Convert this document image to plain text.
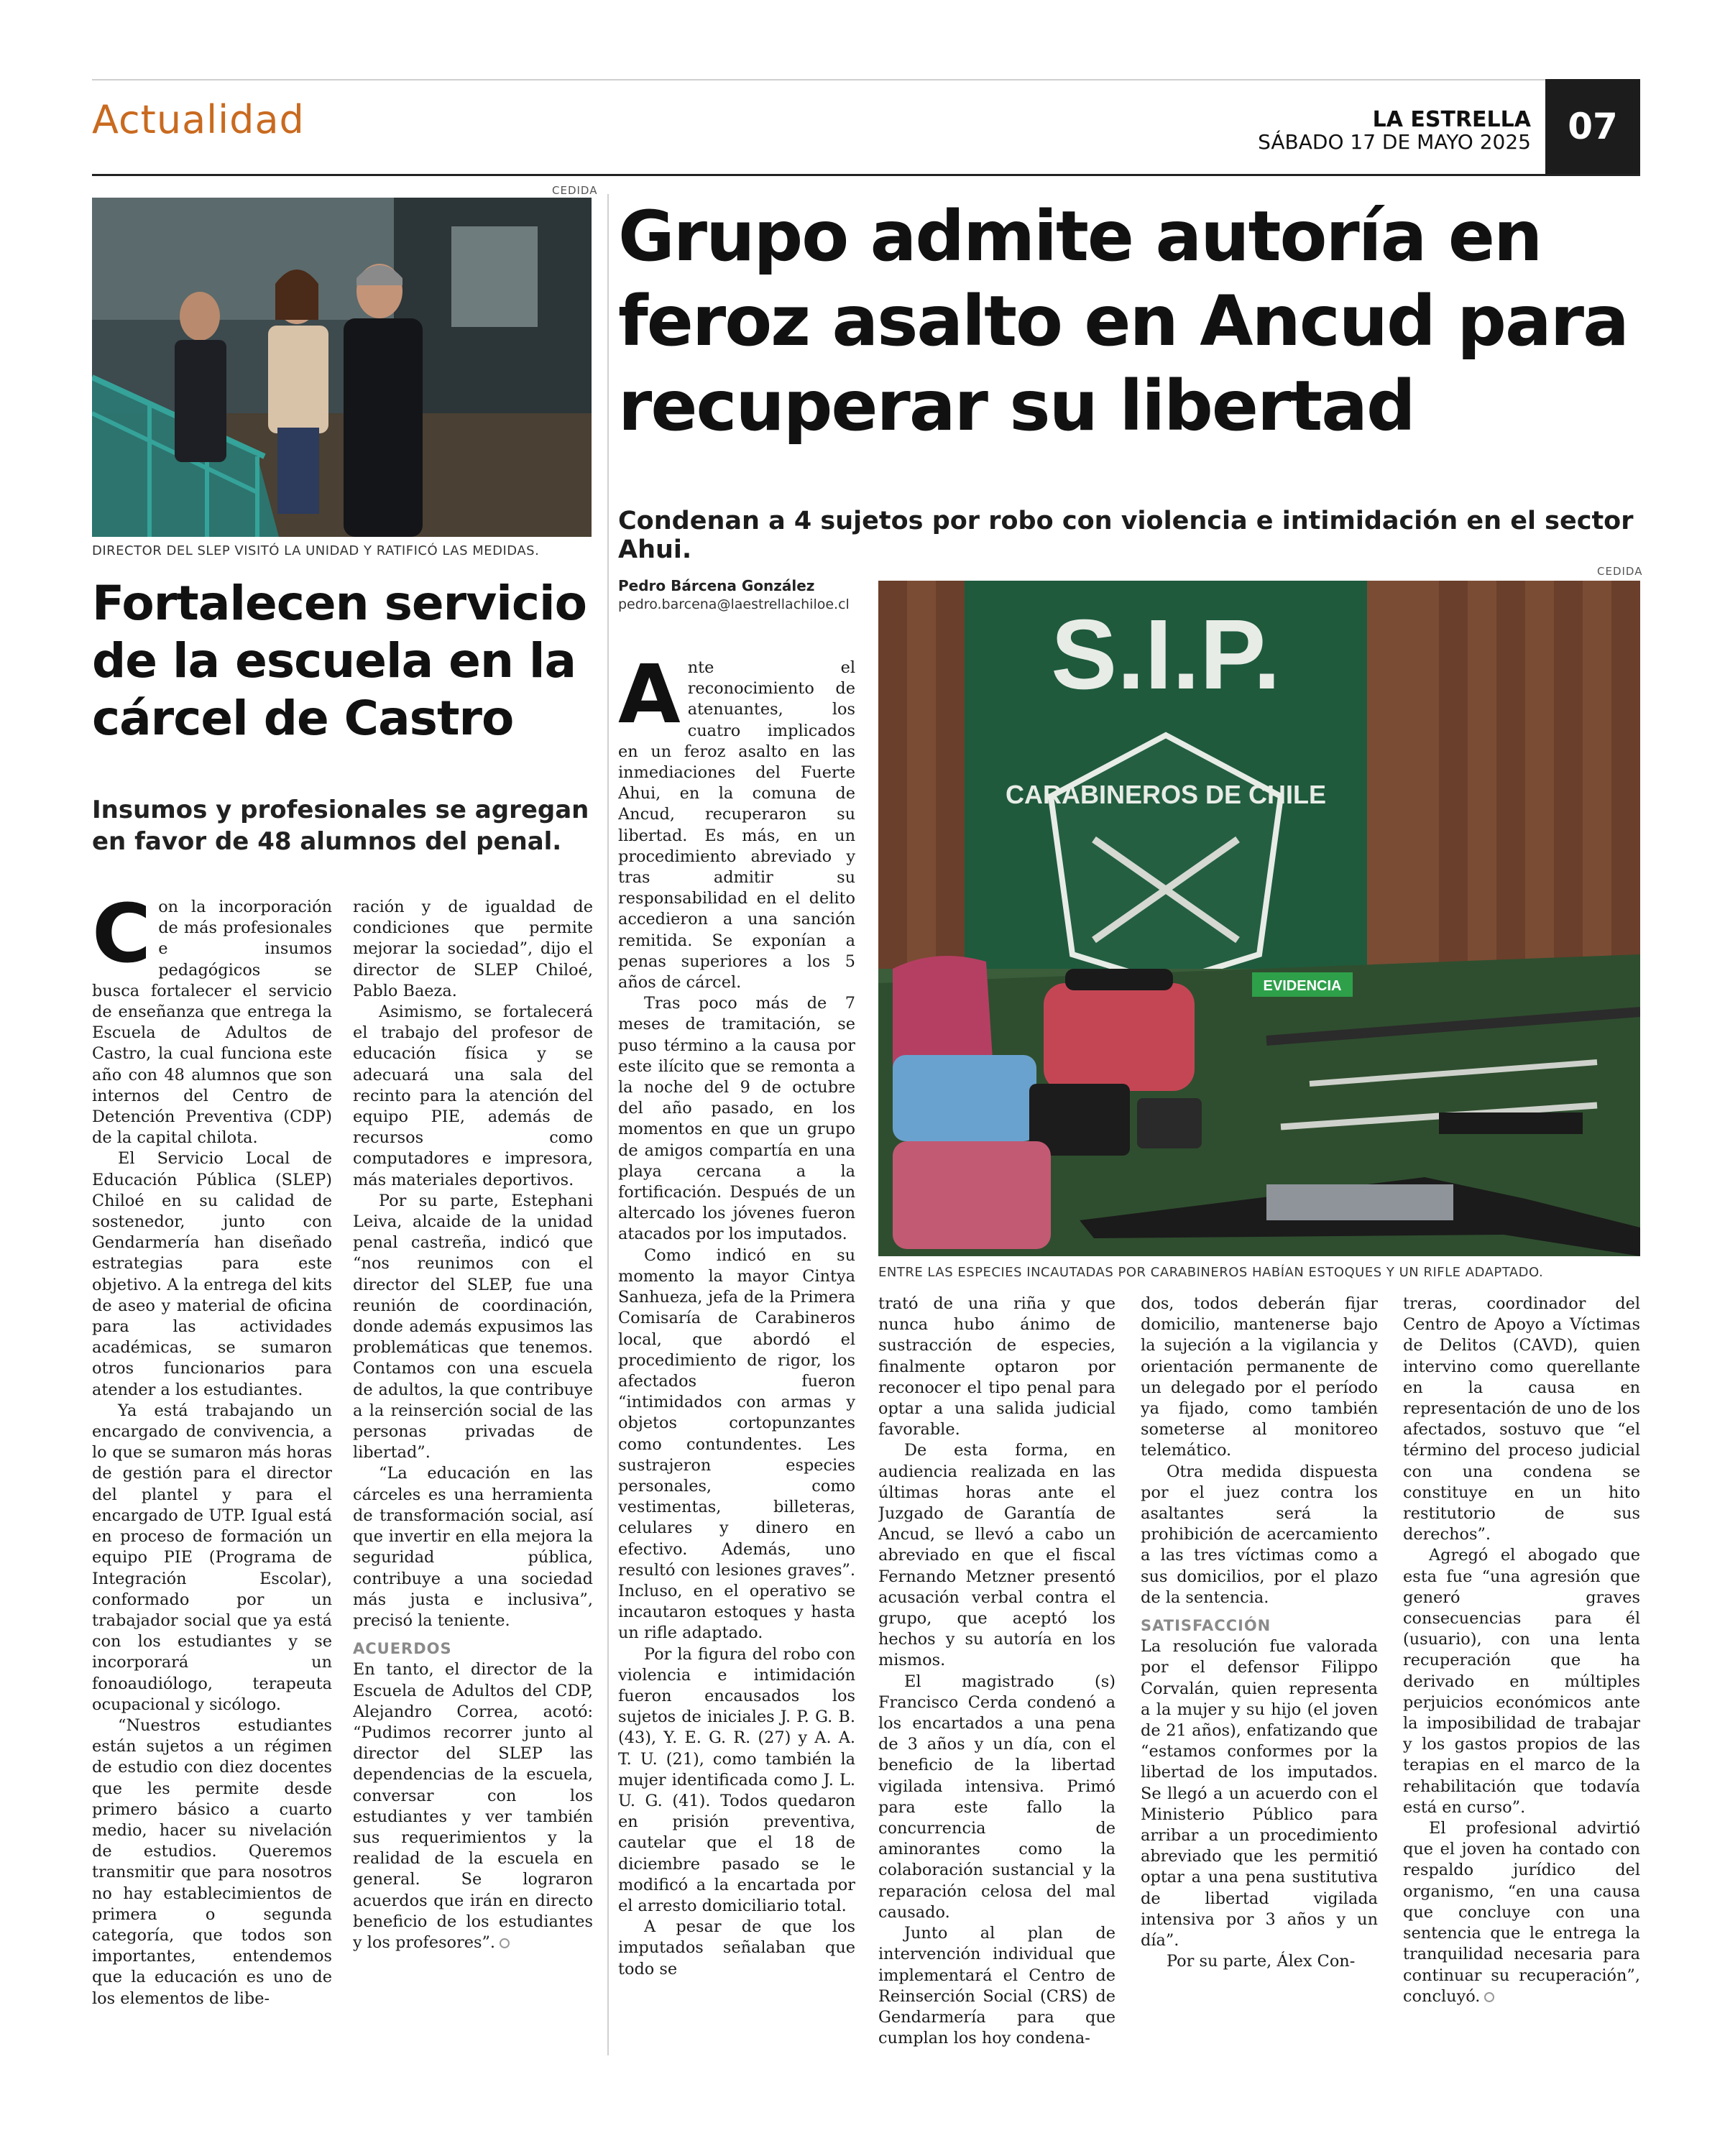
Actualidad	LA ESTRELLA
SÁBADO 17 DE MAYO 2025	07
CEDIDA
DIRECTOR DEL SLEP VISITÓ LA UNIDAD Y RATIFICÓ LAS MEDIDAS.
Fortalecen servicio de la escuela en la cárcel de Castro
Insumos y profesionales se agregan en favor de 48 alumnos del penal.

Con la incorporación de más profesionales e insumos pedagógicos se busca fortalecer el servicio de enseñanza que entrega la Escuela de Adultos de Castro, la cual funciona este año con 48 alumnos que son internos del Centro de Detención Preventiva (CDP) de la capital chilota.

El Servicio Local de Educación Pública (SLEP) Chiloé en su calidad de sostenedor, junto con Gendarmería han diseñado estrategias para este objetivo. A la entrega del kits de aseo y material de oficina para las actividades académicas, se sumaron otros funcionarios para atender a los estudiantes.

Ya está trabajando un encargado de convivencia, a lo que se sumaron más horas de gestión para el director del plantel y para el encargado de UTP. Igual está en proceso de formación un equipo PIE (Programa de Integración Escolar), conformado por un trabajador social que ya está con los estudiantes y se incorporará un fonoaudiólogo, terapeuta ocupacional y sicólogo.

“Nuestros estudiantes están sujetos a un régimen de estudio con diez docentes que les permite desde primero básico a cuarto medio, hacer su nivelación de estudios. Queremos transmitir que para nosotros no hay establecimientos de primera o segunda categoría, que todos son importantes, entendemos que la educación es uno de los elementos de libe-

ración y de igualdad de condiciones que permite mejorar la sociedad”, dijo el director de SLEP Chiloé, Pablo Baeza.

Asimismo, se fortalecerá el trabajo del profesor de educación física y se adecuará una sala del recinto para la atención del equipo PIE, además de recursos como computadores e impresora, más materiales deportivos.

Por su parte, Estephani Leiva, alcaide de la unidad penal castreña, indicó que “nos reunimos con el director del SLEP, fue una reunión de coordinación, donde además expusimos las problemáticas que tenemos. Contamos con una escuela de adultos, la que contribuye a la reinserción social de las personas privadas de libertad”.

“La educación en las cárceles es una herramienta de transformación social, así que invertir en ella mejora la seguridad pública, contribuye a una sociedad más justa e inclusiva”, precisó la teniente.

ACUERDOS

En tanto, el director de la Escuela de Adultos del CDP, Alejandro Correa, acotó: “Pudimos recorrer junto al director del SLEP las dependencias de la escuela, conversar con los estudiantes y ver también sus requerimientos y la realidad de la escuela en general. Se lograron acuerdos que irán en directo beneficio de los estudiantes y los profesores”.

Grupo admite autoría en feroz asalto en Ancud para recuperar su libertad
Condenan a 4 sujetos por robo con violencia e intimidación en el sector Ahui.
Pedro Bárcena González
pedro.barcena@laestrellachiloe.cl
CEDIDA
S.I.P.
CARABINEROS DE CHILE
EVIDENCIA
ENTRE LAS ESPECIES INCAUTADAS POR CARABINEROS HABÍAN ESTOQUES Y UN RIFLE ADAPTADO.

Ante el reconocimiento de atenuantes, los cuatro implicados en un feroz asalto en las inmediaciones del Fuerte Ahui, en la comuna de Ancud, recuperaron su libertad. Es más, en un procedimiento abreviado y tras admitir su responsabilidad en el delito accedieron a una sanción remitida. Se exponían a penas superiores a los 5 años de cárcel.

Tras poco más de 7 meses de tramitación, se puso término a la causa por este ilícito que se remonta a la noche del 9 de octubre del año pasado, en los momentos en que un grupo de amigos compartía en una playa cercana a la fortificación. Después de un altercado los jóvenes fueron atacados por los imputados.

Como indicó en su momento la mayor Cintya Sanhueza, jefa de la Primera Comisaría de Carabineros local, que abordó el procedimiento de rigor, los afectados fueron “intimidados con armas y objetos cortopunzantes como contundentes. Les sustrajeron especies personales, como vestimentas, billeteras, celulares y dinero en efectivo. Además, uno resultó con lesiones graves”. Incluso, en el operativo se incautaron estoques y hasta un rifle adaptado.

Por la figura del robo con violencia e intimidación fueron encausados los sujetos de iniciales J. P. G. B. (43), Y. E. G. R. (27) y A. A. T. U. (21), como también la mujer identificada como J. L. U. G. (41). Todos quedaron en prisión preventiva, cautelar que el 18 de diciembre pasado se le modificó a la encartada por el arresto domiciliario total.

A pesar de que los imputados señalaban que todo se

trató de una riña y que nunca hubo ánimo de sustracción de especies, finalmente optaron por reconocer el tipo penal para optar a una salida judicial favorable.

De esta forma, en audiencia realizada en las últimas horas ante el Juzgado de Garantía de Ancud, se llevó a cabo un abreviado en que el fiscal Fernando Metzner presentó acusación verbal contra el grupo, que aceptó los hechos y su autoría en los mismos.

El magistrado (s) Francisco Cerda condenó a los encartados a una pena de 3 años y un día, con el beneficio de la libertad vigilada intensiva. Primó para este fallo la concurrencia de aminorantes como la colaboración sustancial y la reparación celosa del mal causado.

Junto al plan de intervención individual que implementará el Centro de Reinserción Social (CRS) de Gendarmería para que cumplan los hoy condena-

dos, todos deberán fijar domicilio, mantenerse bajo la sujeción a la vigilancia y orientación permanente de un delegado por el período ya fijado, como también someterse al monitoreo telemático.

Otra medida dispuesta por el juez contra los asaltantes será la prohibición de acercamiento a las tres víctimas como a sus domicilios, por el plazo de la sentencia.

SATISFACCIÓN

La resolución fue valorada por el defensor Filippo Corvalán, quien representa a la mujer y su hijo (el joven de 21 años), enfatizando que “estamos conformes por la libertad de los imputados. Se llegó a un acuerdo con el Ministerio Público para arribar a un procedimiento abreviado que les permitió optar a una pena sustitutiva de libertad vigilada intensiva por 3 años y un día”.

Por su parte, Álex Con-

treras, coordinador del Centro de Apoyo a Víctimas de Delitos (CAVD), quien intervino como querellante en la causa en representación de uno de los afectados, sostuvo que “el término del proceso judicial con una condena se constituye en un hito restitutorio de sus derechos”.

Agregó el abogado que esta fue “una agresión que generó graves consecuencias para él (usuario), con una lenta recuperación que ha derivado en múltiples perjuicios económicos ante la imposibilidad de trabajar y los gastos propios de las terapias en el marco de la rehabilitación que todavía está en curso”.

El profesional advirtió que el joven ha contado con respaldo jurídico del organismo, “en una causa que concluye con una sentencia que le entrega la tranquilidad necesaria para continuar su recuperación”, concluyó.
